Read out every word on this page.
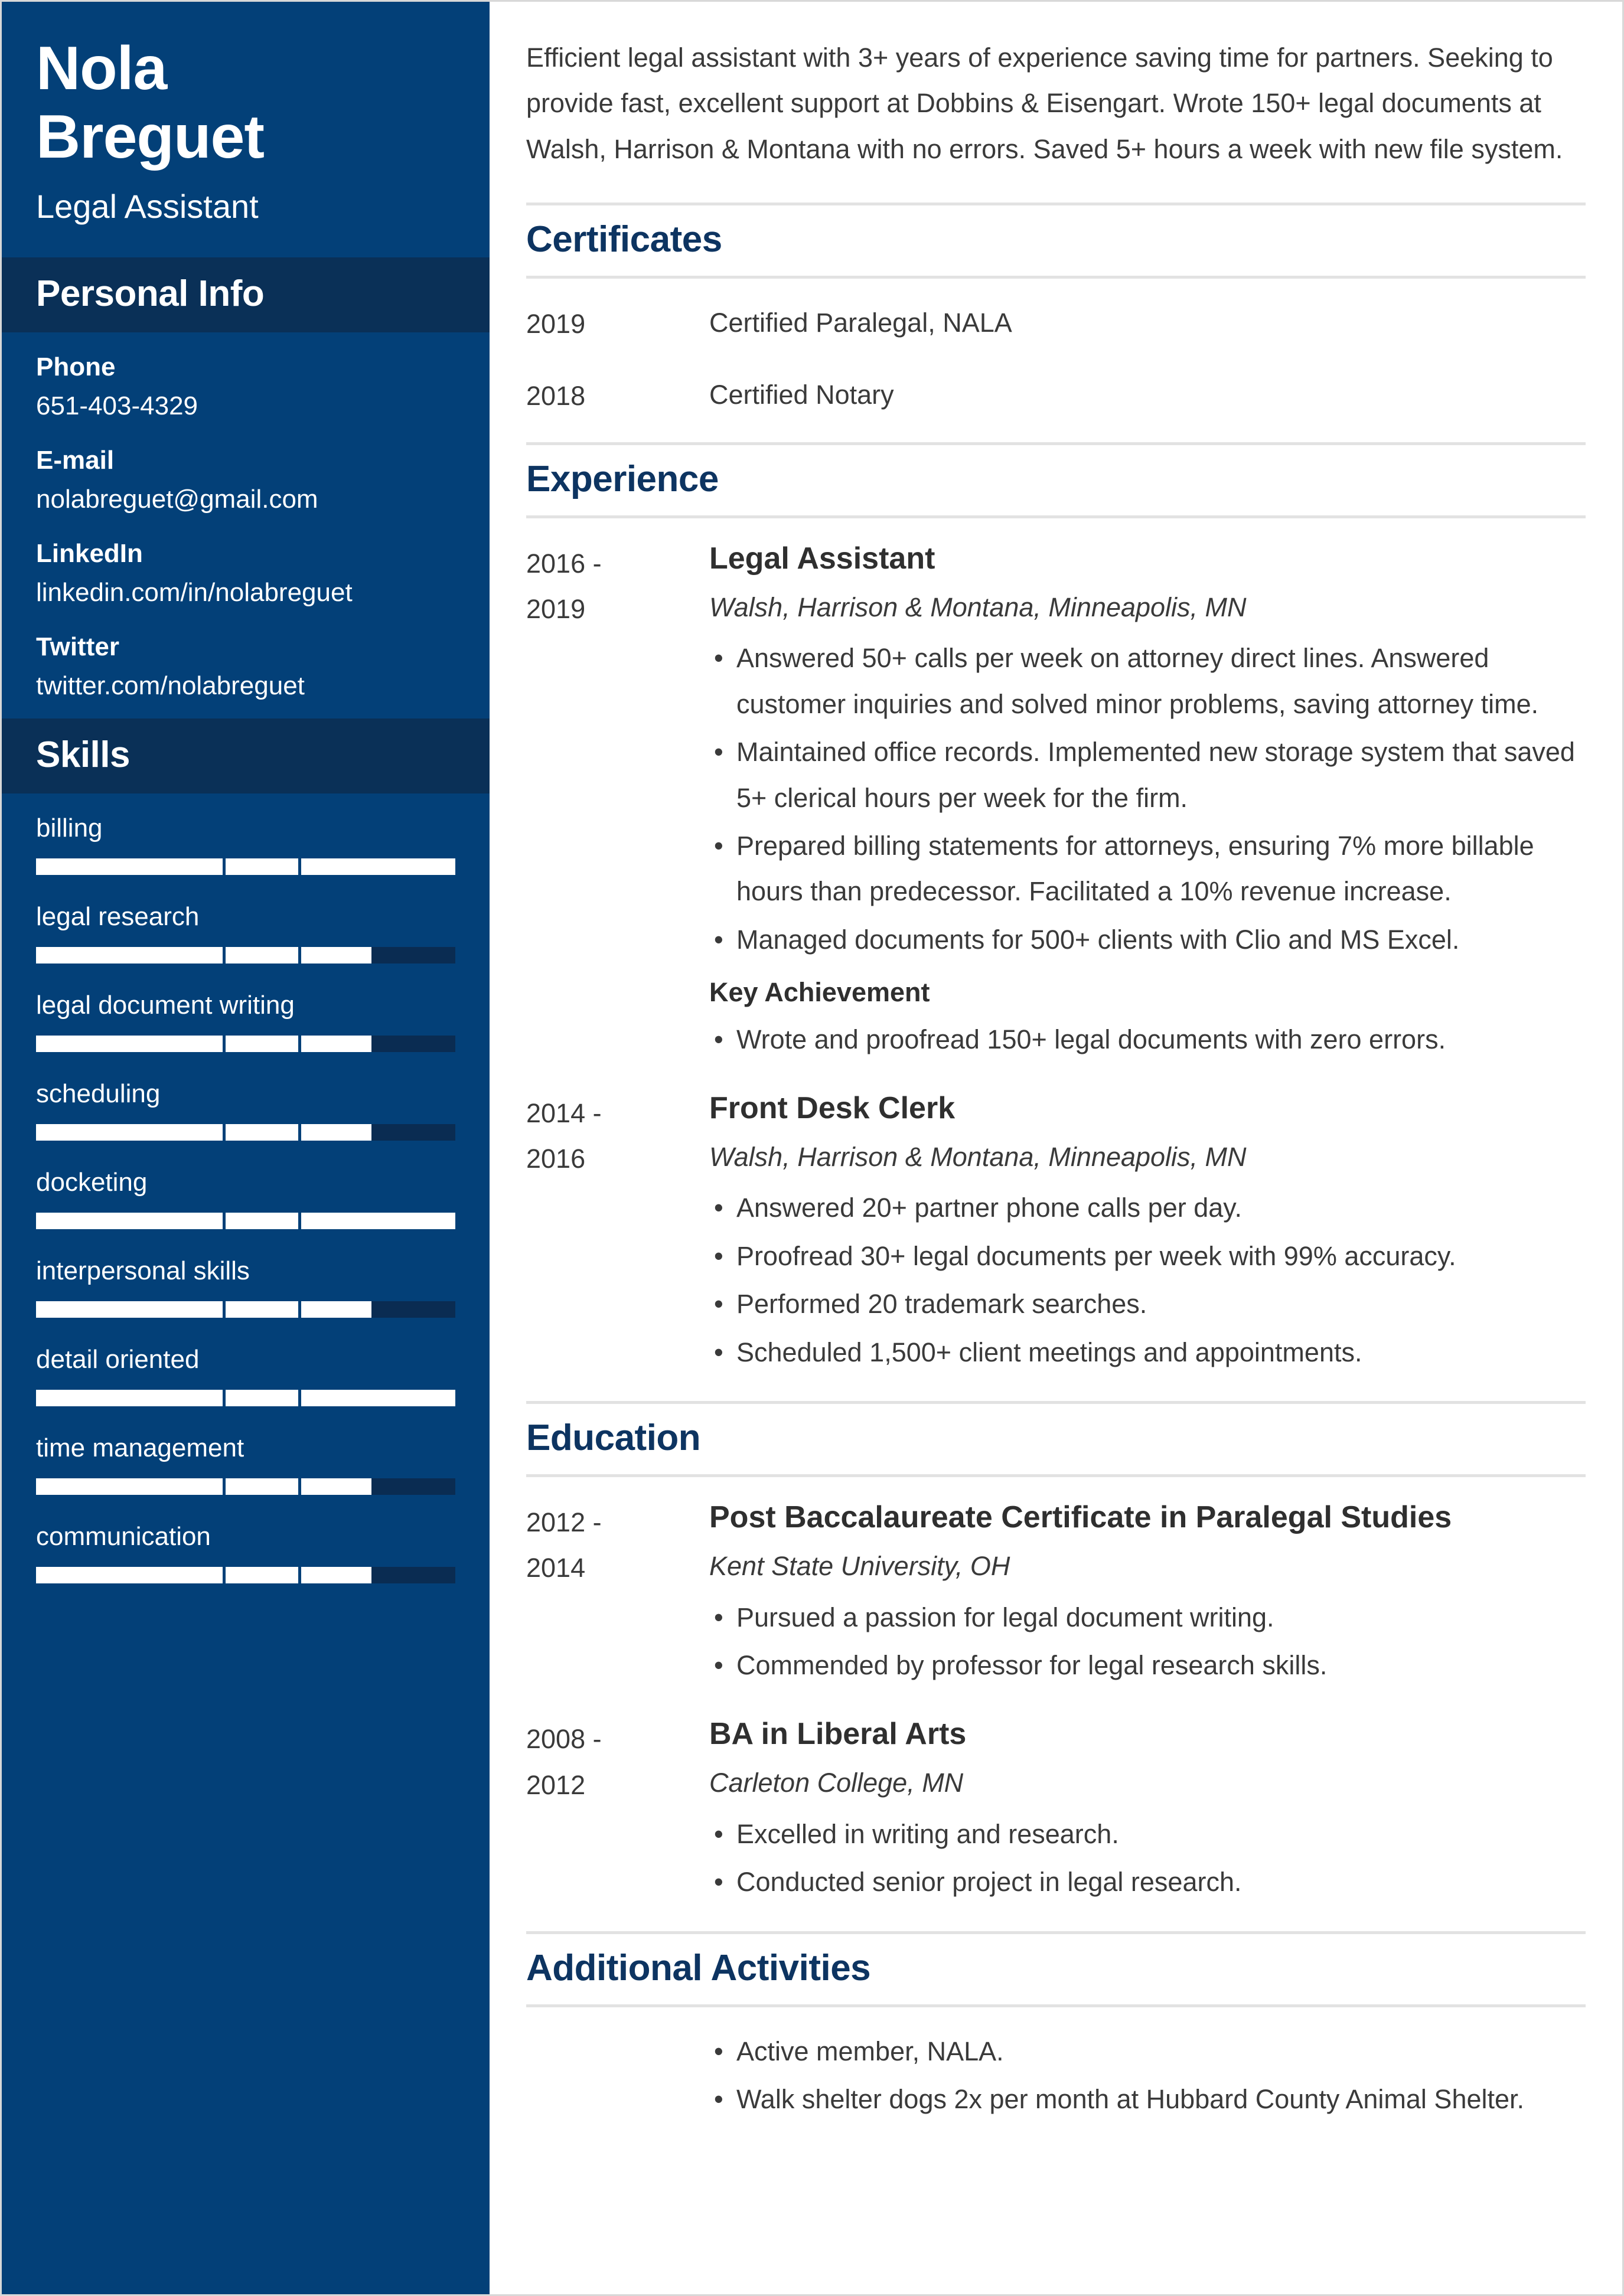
Nola
Breguet
Legal Assistant
Personal Info
Phone
651-403-4329
E-mail
nolabreguet@gmail.com
LinkedIn
linkedin.com/in/nolabreguet
Twitter
twitter.com/nolabreguet
Skills
billing
legal research
legal document writing
scheduling
docketing
interpersonal skills
detail oriented
time management
communication

Efficient legal assistant with 3+ years of experience saving time for partners. Seeking to provide fast, excellent support at Dobbins & Eisengart. Wrote 150+ legal documents at Walsh, Harrison & Montana with no errors. Saved 5+ hours a week with new file system.

Certificates
2019	Certified Paralegal, NALA
2018	Certified Notary
Experience
2016 -
2019
Legal Assistant
Walsh, Harrison & Montana, Minneapolis, MN
• Answered 50+ calls per week on attorney direct lines. Answered customer inquiries and solved minor problems, saving attorney time.
• Maintained office records. Implemented new storage system that saved 5+ clerical hours per week for the firm.
• Prepared billing statements for attorneys, ensuring 7% more billable hours than predecessor. Facilitated a 10% revenue increase.
• Managed documents for 500+ clients with Clio and MS Excel.
Key Achievement
• Wrote and proofread 150+ legal documents with zero errors.
2014 -
2016
Front Desk Clerk
Walsh, Harrison & Montana, Minneapolis, MN
• Answered 20+ partner phone calls per day.
• Proofread 30+ legal documents per week with 99% accuracy.
• Performed 20 trademark searches.
• Scheduled 1,500+ client meetings and appointments.
Education
2012 -
2014
Post Baccalaureate Certificate in Paralegal Studies
Kent State University, OH
• Pursued a passion for legal document writing.
• Commended by professor for legal research skills.
2008 -
2012
BA in Liberal Arts
Carleton College, MN
• Excelled in writing and research.
• Conducted senior project in legal research.
Additional Activities
• Active member, NALA.
• Walk shelter dogs 2x per month at Hubbard County Animal Shelter.
